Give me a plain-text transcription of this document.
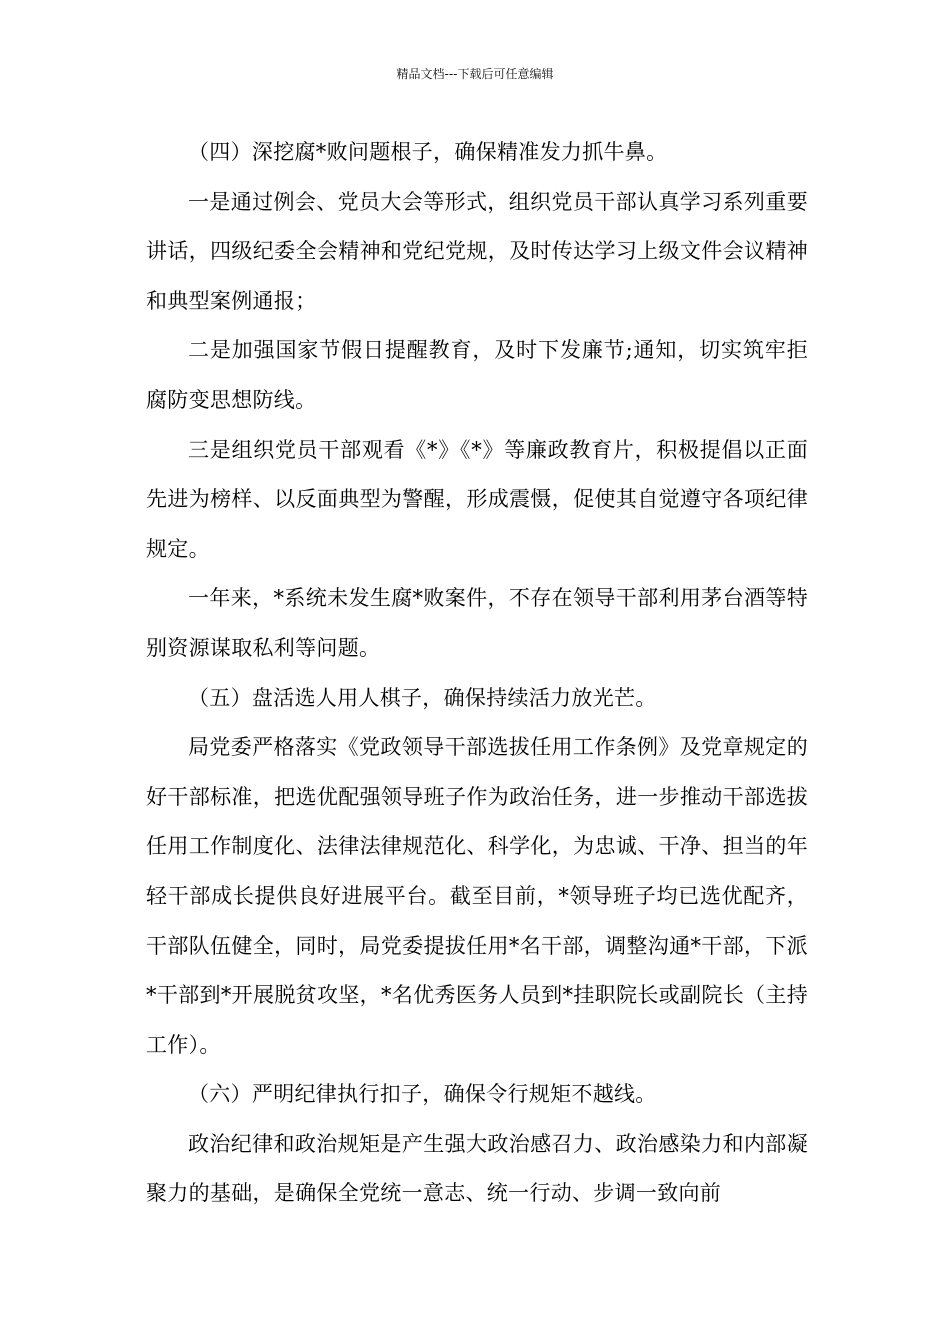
精品文档---下载后可任意编辑

（四）深挖腐*败问题根子，确保精准发力抓牛鼻。

一是通过例会、党员大会等形式，组织党员干部认真学习系列重要讲话，四级纪委全会精神和党纪党规，及时传达学习上级文件会议精神和典型案例通报；

二是加强国家节假日提醒教育，及时下发廉节;通知，切实筑牢拒腐防变思想防线。

三是组织党员干部观看《*》《*》等廉政教育片，积极提倡以正面先进为榜样、以反面典型为警醒，形成震慑，促使其自觉遵守各项纪律规定。

一年来，*系统未发生腐*败案件，不存在领导干部利用茅台酒等特别资源谋取私利等问题。

（五）盘活选人用人棋子，确保持续活力放光芒。

局党委严格落实《党政领导干部选拔任用工作条例》及党章规定的好干部标准，把选优配强领导班子作为政治任务，进一步推动干部选拔任用工作制度化、法律法律规范化、科学化，为忠诚、干净、担当的年轻干部成长提供良好进展平台。截至目前，*领导班子均已选优配齐，干部队伍健全，同时，局党委提拔任用*名干部，调整沟通*干部，下派*干部到*开展脱贫攻坚，*名优秀医务人员到*挂职院长或副院长（主持工作）。

（六）严明纪律执行扣子，确保令行规矩不越线。

政治纪律和政治规矩是产生强大政治感召力、政治感染力和内部凝聚力的基础，是确保全党统一意志、统一行动、步调一致向前
